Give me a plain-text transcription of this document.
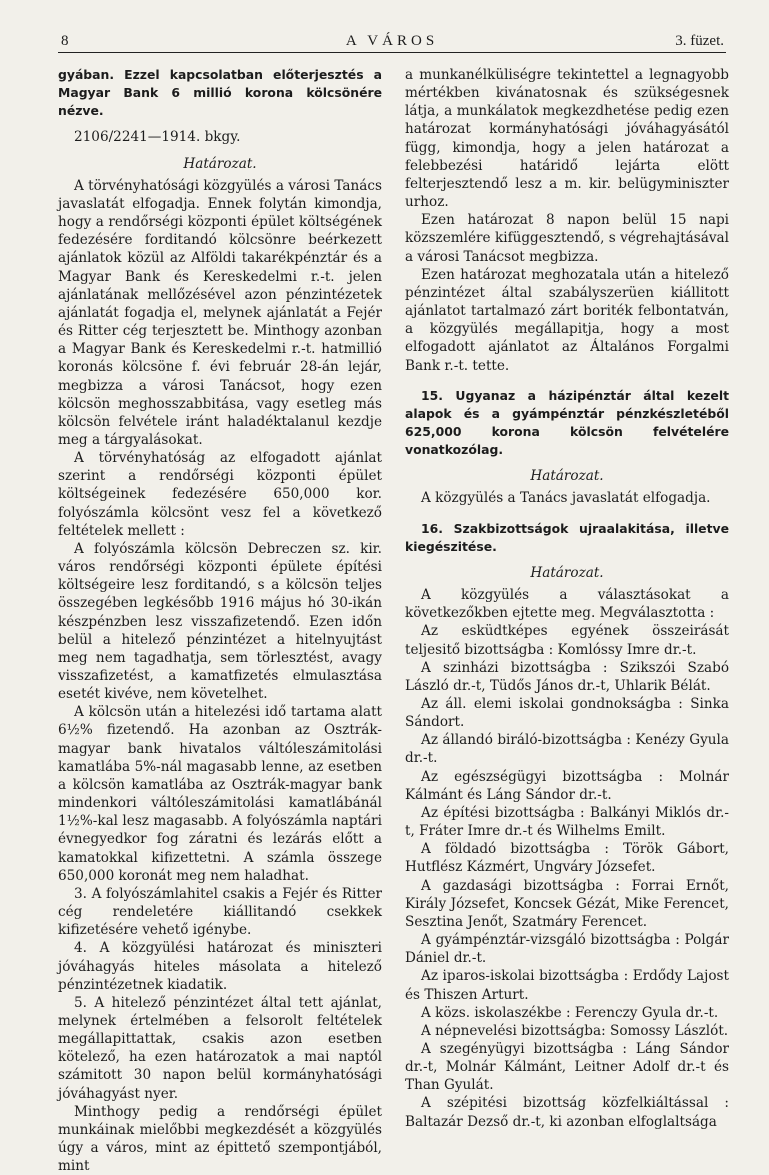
8	A VÁROS	3. füzet.

gyában. Ezzel kapcsolatban előterjesztés a Magyar Bank 6 millió korona kölcsönére nézve.

2106/2241—1914. bkgy.

Határozat.

A törvényhatósági közgyülés a városi Tanács javaslatát elfogadja. Ennek folytán kimondja, hogy a rendőrségi központi épület költségének fedezésére forditandó kölcsönre beérkezett ajánlatok közül az Alföldi takarékpénztár és a Magyar Bank és Kereskedelmi r.-t. jelen ajánlatának mellőzésével azon pénzintézetek ajánlatát fogadja el, melynek ajánlatát a Fejér és Ritter cég terjesztett be. Minthogy azonban a Magyar Bank és Kereskedelmi r.-t. hatmillió koronás kölcsöne f. évi február 28-án lejár, megbizza a városi Tanácsot, hogy ezen kölcsön meghosszabbitása, vagy esetleg más kölcsön felvétele iránt haladéktalanul kezdje meg a tárgyalásokat.

A törvényhatóság az elfogadott ajánlat szerint a rendőrségi központi épület költségeinek fedezésére 650,000 kor. folyószámla kölcsönt vesz fel a következő feltételek mellett :

A folyószámla kölcsön Debreczen sz. kir. város rendőrségi központi épülete építési költségeire lesz forditandó, s a kölcsön teljes összegében legkésőbb 1916 május hó 30-ikán készpénzben lesz visszafizetendő. Ezen időn belül a hitelező pénzintézet a hitelnyujtást meg nem tagadhatja, sem törlesztést, avagy visszafizetést, a kamatfizetés elmulasztása esetét kivéve, nem követelhet.

A kölcsön után a hitelezési idő tartama alatt 6½% fizetendő. Ha azonban az Osztrák-magyar bank hivatalos váltóleszámitolási kamatlába 5%-nál magasabb lenne, az esetben a kölcsön kamatlába az Osztrák-magyar bank mindenkori váltóleszámitolási kamatlábánál 1½%-kal lesz magasabb. A folyószámla naptári évnegyedkor fog záratni és lezárás előtt a kamatokkal kifizettetni. A számla összege 650,000 koronát meg nem haladhat.

3. A folyószámlahitel csakis a Fejér és Ritter cég rendeletére kiállitandó csekkek kifizetésére vehető igénybe.

4. A közgyülési határozat és miniszteri jóváhagyás hiteles másolata a hitelező pénzintézetnek kiadatik.

5. A hitelező pénzintézet által tett ajánlat, melynek értelmében a felsorolt feltételek megállapittattak, csakis azon esetben kötelező, ha ezen határozatok a mai naptól számitott 30 napon belül kormányhatósági jóváhagyást nyer.

Minthogy pedig a rendőrségi épület munkáinak mielőbbi megkezdését a közgyülés úgy a város, mint az épittető szempontjából, mint

a munkanélküliségre tekintettel a legnagyobb mértékben kivánatosnak és szükségesnek látja, a munkálatok megkezdhetése pedig ezen határozat kormányhatósági jóváhagyásától függ, kimondja, hogy a jelen határozat a felebbezési határidő lejárta elött felterjesztendő lesz a m. kir. belügyminiszter urhoz.

Ezen határozat 8 napon belül 15 napi közszemlére kifüggesztendő, s végrehajtásával a városi Tanácsot megbizza.

Ezen határozat meghozatala után a hitelező pénzintézet által szabályszerüen kiállitott ajánlatot tartalmazó zárt boriték felbontatván, a közgyülés megállapitja, hogy a most elfogadott ajánlatot az Általános Forgalmi Bank r.-t. tette.

15. Ugyanaz a házipénztár által kezelt alapok és a gyámpénztár pénzkészletéből 625,000 korona kölcsön felvételére vonatkozólag.

Határozat.

A közgyülés a Tanács javaslatát elfogadja.

16. Szakbizottságok ujraalakitása, illetve kiegészitése.

Határozat.

A közgyülés a választásokat a következőkben ejtette meg. Megválasztotta :

Az esküdtképes egyének összeirását teljesitő bizottságba : Komlóssy Imre dr.-t.

A szinházi bizottságba : Szikszói Szabó László dr.-t, Tüdős János dr.-t, Uhlarik Bélát.

Az áll. elemi iskolai gondnokságba : Sinka Sándort.

Az állandó biráló-bizottságba : Kenézy Gyula dr.-t.

Az egészségügyi bizottságba : Molnár Kálmánt és Láng Sándor dr.-t.

Az építési bizottságba : Balkányi Miklós dr.-t, Fráter Imre dr.-t és Wilhelms Emilt.

A földadó bizottságba : Török Gábort, Hutflész Kázmért, Ungváry Józsefet.

A gazdasági bizottságba : Forrai Ernőt, Király Józsefet, Koncsek Gézát, Mike Ferencet, Sesztina Jenőt, Szatmáry Ferencet.

A gyámpénztár-vizsgáló bizottságba : Polgár Dániel dr.-t.

Az iparos-iskolai bizottságba : Erdődy Lajost és Thiszen Arturt.

A közs. iskolaszékbe : Ferenczy Gyula dr.-t.

A népnevelési bizottságba: Somossy Lászlót.

A szegényügyi bizottságba : Láng Sándor dr.-t, Molnár Kálmánt, Leitner Adolf dr.-t és Than Gyulát.

A szépitési bizottság közfelkiáltással : Baltazár Dezső dr.-t, ki azonban elfoglaltsága
